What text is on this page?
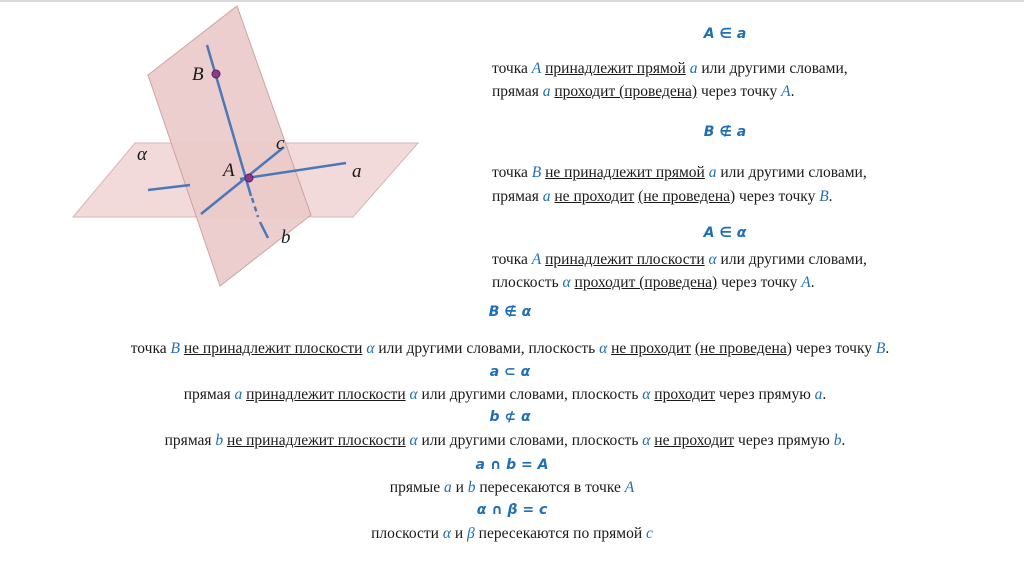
B
A
c
α
a
b
A ∈ a
точка A принадлежит прямой a или другими словами,
прямая a проходит (проведена) через точку A.
B ∉ a
точка B не принадлежит прямой a или другими словами,
прямая a не проходит (не проведена) через точку B.
A ∈ α
точка A принадлежит плоскости α или другими словами,
плоскость α проходит (проведена) через точку A.
B ∉ α
точка B не принадлежит плоскости α или другими словами, плоскость α не проходит (не проведена) через точку B.
a ⊂ α
прямая a принадлежит плоскости α или другими словами, плоскость α проходит через прямую a.
b ⊄ α
прямая b не принадлежит плоскости α или другими словами, плоскость α не проходит через прямую b.
a ∩ b = A
прямые a и b пересекаются в точке A
α ∩ β = c
плоскости α и β пересекаются по прямой c
